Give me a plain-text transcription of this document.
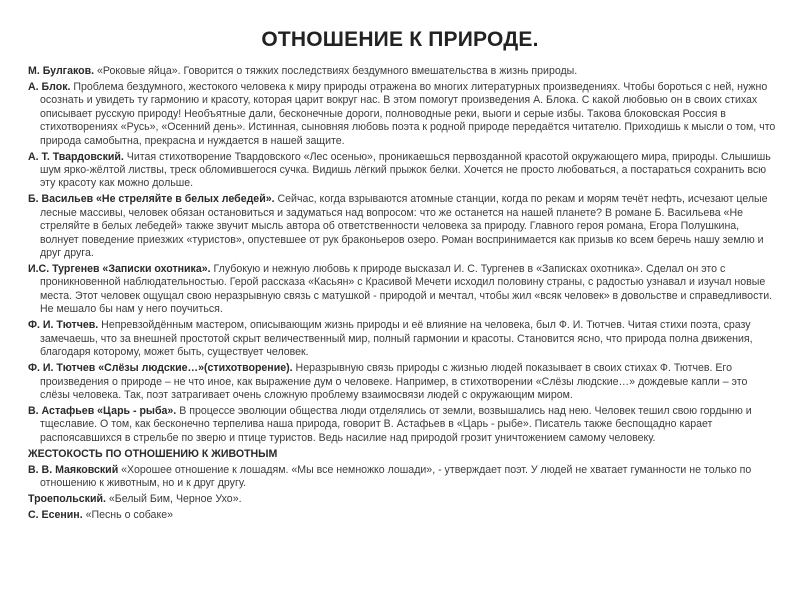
ОТНОШЕНИЕ К ПРИРОДЕ.

М. Булгаков. «Роковые яйца». Говорится о тяжких последствиях бездумного вмешательства в жизнь природы.

А. Блок. Проблема бездумного, жестокого человека к миру природы отражена во многих литературных произведениях. Чтобы бороться с ней, нужно осознать и увидеть ту гармонию и красоту, которая царит вокруг нас. В этом помогут произведения А. Блока. С какой любовью он в своих стихах описывает русскую природу! Необъятные дали, бесконечные дороги, полноводные реки, выоги и серые избы. Такова блоковская Россия в стихотворениях «Русь», «Осенний день». Истинная, сыновняя любовь поэта к родной природе передаётся читателю. Приходишь к мысли о том, что природа самобытна, прекрасна и нуждается в нашей защите.

А. Т. Твардовский. Читая стихотворение Твардовского «Лес осенью», проникаешься первозданной красотой окружающего мира, природы. Слышишь шум ярко-жёлтой листвы, треск обломившегося сучка. Видишь лёгкий прыжок белки. Хочется не просто любоваться, а постараться сохранить всю эту красоту как можно дольше.

Б. Васильев «Не стреляйте в белых лебедей». Сейчас, когда взрываются атомные станции, когда по рекам и морям течёт нефть, исчезают целые лесные массивы, человек обязан остановиться и задуматься над вопросом: что же останется на нашей планете? В романе Б. Васильева «Не стреляйте в белых лебедей» также звучит мысль автора об ответственности человека за природу. Главного героя романа, Егора Полушкина, волнует поведение приезжих «туристов», опустевшее от рук браконьеров озеро. Роман воспринимается как призыв ко всем беречь нашу землю и друг друга.

И.С. Тургенев «Записки охотника». Глубокую и нежную любовь к природе высказал И. С. Тургенев в «Записках охотника». Сделал он это с проникновенной наблюдательностью. Герой рассказа «Касьян» с Красивой Мечети исходил половину страны, с радостью узнавал и изучал новые места. Этот человек ощущал свою неразрывную связь с матушкой - природой и мечтал, чтобы жил «всяк человек» в довольстве и справедливости. Не мешало бы нам у него поучиться.

Ф. И. Тютчев. Непревзойдённым мастером, описывающим жизнь природы и её влияние на человека, был Ф. И. Тютчев. Читая стихи поэта, сразу замечаешь, что за внешней простотой скрыт величественный мир, полный гармонии и красоты. Становится ясно, что природа полна движения, благодаря которому, может быть, существует человек.

Ф. И. Тютчев «Слёзы людские…»(стихотворение). Неразрывную связь природы с жизнью людей показывает в своих стихах Ф. Тютчев. Его произведения о природе – не что иное, как выражение дум о человеке. Например, в стихотворении «Слёзы людские…» дождевые капли – это слёзы человека. Так, поэт затрагивает очень сложную проблему взаимосвязи людей с окружающим миром.

В. Астафьев «Царь - рыба». В процессе эволюции общества люди отделялись от земли, возвышались над нею. Человек тешил свою гордыню и тщеславие. О том, как бесконечно терпелива наша природа, говорит В. Астафьев в «Царь - рыбе». Писатель также беспощадно карает распоясавшихся в стрельбе по зверю и птице туристов. Ведь насилие над природой грозит уничтожением самому человеку.

ЖЕСТОКОСТЬ ПО ОТНОШЕНИЮ К ЖИВОТНЫМ

В. В. Маяковский «Хорошее отношение к лошадям. «Мы все немножко лошади», - утверждает поэт. У людей не хватает гуманности не только по отношению к животным, но и к друг другу.

Троепольский. «Белый Бим, Черное Ухо».

С. Есенин. «Песнь о собаке»
